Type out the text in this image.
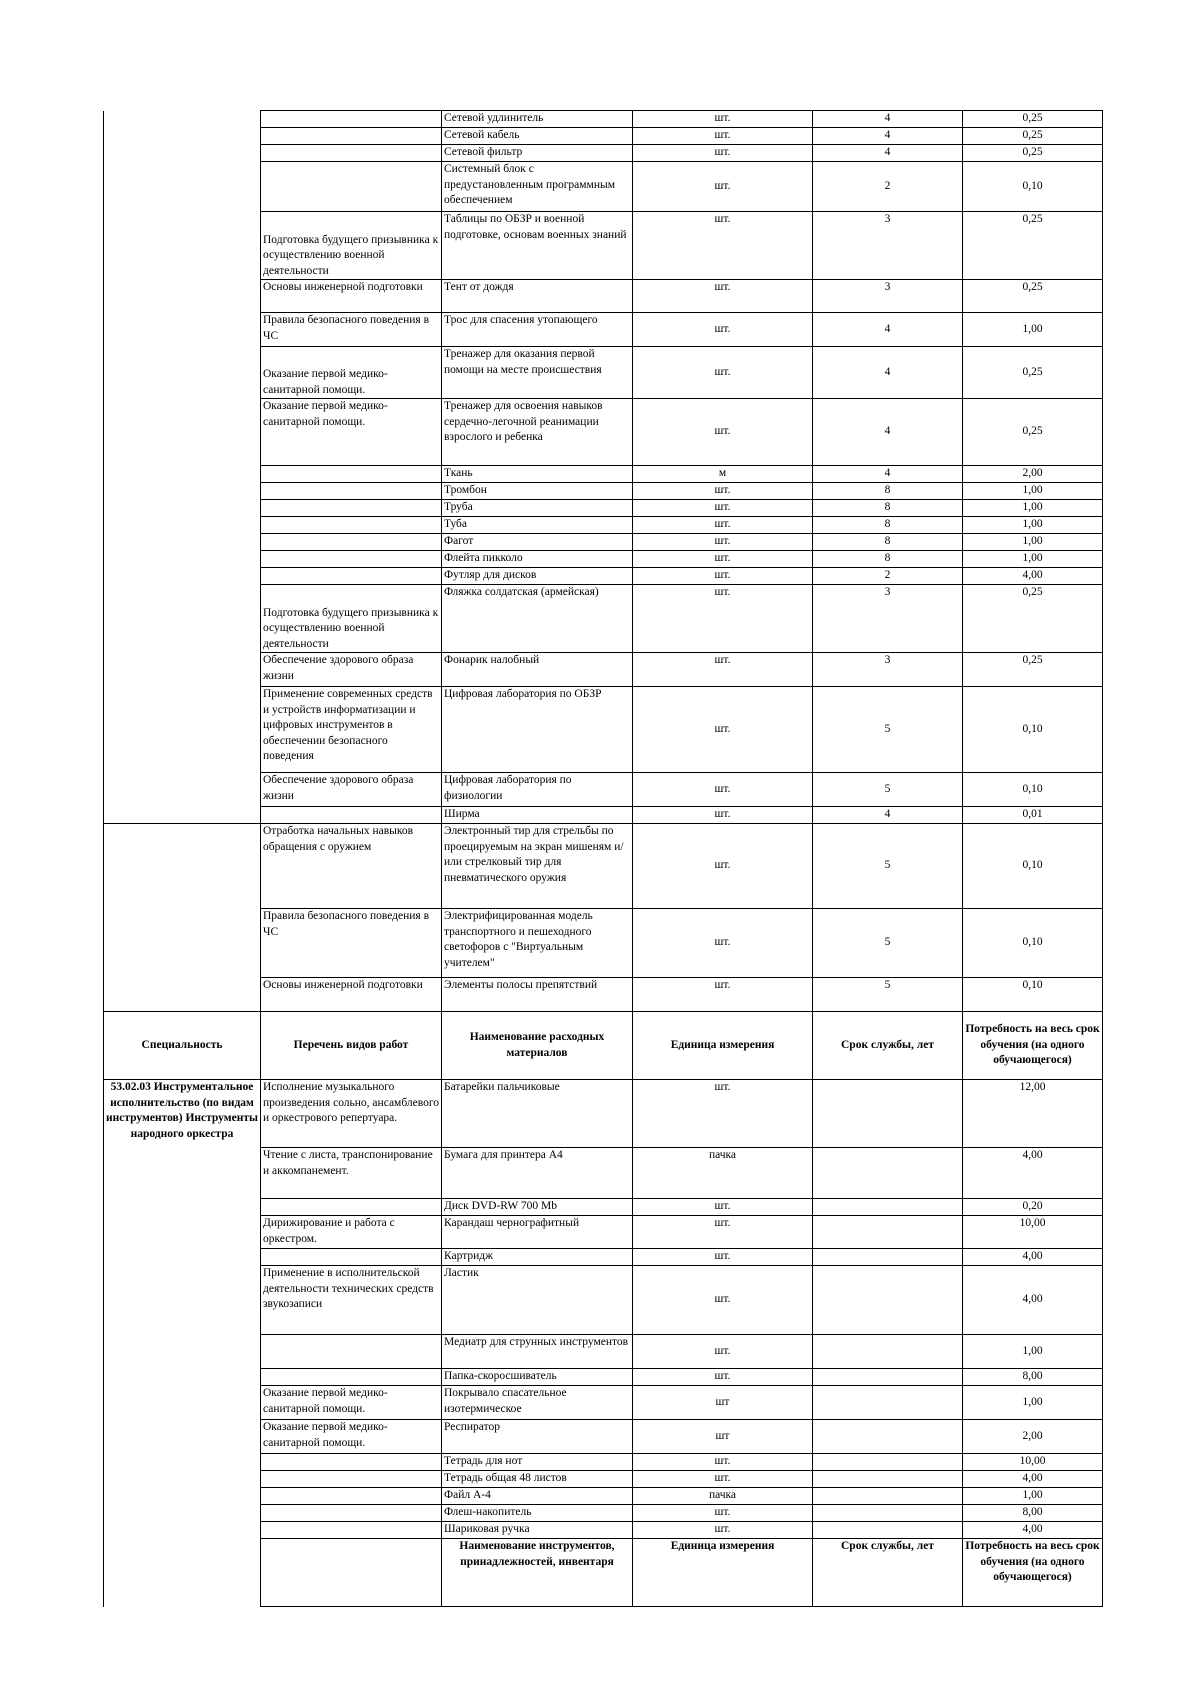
		Сетевой удлинитель	шт.	4	0,25
		Сетевой кабель	шт.	4	0,25
		Сетевой фильтр	шт.	4	0,25
		Системный блок с предустановленным программным обеспечением	шт.	2	0,10
	Подготовка будущего призывника к осуществлению военной деятельности	Таблицы по ОБЗР и военной подготовке, основам военных знаний	шт.	3	0,25
	Основы инженерной подготовки	Тент от дождя	шт.	3	0,25
	Правила безопасного поведения в ЧС	Трос для спасения утопающего	шт.	4	1,00
	Оказание первой медико-санитарной помощи.	Тренажер для оказания первой помощи на месте происшествия	шт.	4	0,25
	Оказание первой медико-санитарной помощи.	Тренажер для освоения навыков сердечно-легочной реанимации взрослого и ребенка	шт.	4	0,25
		Ткань	м	4	2,00
		Тромбон	шт.	8	1,00
		Труба	шт.	8	1,00
		Туба	шт.	8	1,00
		Фагот	шт.	8	1,00
		Флейта пикколо	шт.	8	1,00
		Футляр для дисков	шт.	2	4,00
	Подготовка будущего призывника к осуществлению военной деятельности	Фляжка солдатская (армейская)	шт.	3	0,25
	Обеспечение здорового образа жизни	Фонарик налобный	шт.	3	0,25
	Применение современных средств и устройств информатизации и цифровых инструментов в обеспечении безопасного поведения	Цифровая лаборатория по ОБЗР	шт.	5	0,10
	Обеспечение здорового образа жизни	Цифровая лаборатория по физиологии	шт.	5	0,10
		Ширма	шт.	4	0,01
	Отработка начальных навыков обращения с оружием	Электронный тир для стрельбы по проецируемым на экран мишеням и/или стрелковый тир для пневматического оружия	шт.	5	0,10
	Правила безопасного поведения в ЧС	Электрифицированная модель транспортного и пешеходного светофоров с "Виртуальным учителем"	шт.	5	0,10
	Основы инженерной подготовки	Элементы полосы препятствий	шт.	5	0,10
Специальность	Перечень видов работ	Наименование расходных материалов	Единица измерения	Срок службы, лет	Потребность на весь срок обучения (на одного обучающегося)
53.02.03 Инструментальное исполнительство (по видам инструментов) Инструменты народного оркестра	Исполнение музыкального произведения сольно, ансамблевого и оркестрового репертуара.	Батарейки пальчиковые	шт.		12,00
	Чтение с листа, транспонирование и аккомпанемент.	Бумага для принтера А4	пачка		4,00
		Диск DVD-RW 700 Mb	шт.		0,20
	Дирижирование и работа с оркестром.	Карандаш чернографитный	шт.		10,00
		Картридж	шт.		4,00
	Применение в исполнительской деятельности технических средств звукозаписи	Ластик	шт.		4,00
		Медиатр для струнных инструментов	шт.		1,00
		Папка-скоросшиватель	шт.		8,00
	Оказание первой медико-санитарной помощи.	Покрывало спасательное изотермическое	шт		1,00
	Оказание первой медико-санитарной помощи.	Респиратор	шт		2,00
		Тетрадь для нот	шт.		10,00
		Тетрадь общая 48 листов	шт.		4,00
		Файл А-4	пачка		1,00
		Флеш-накопитель	шт.		8,00
		Шариковая ручка	шт.		4,00
		Наименование инструментов, принадлежностей, инвентаря	Единица измерения	Срок службы, лет	Потребность на весь срок обучения (на одного обучающегося)
